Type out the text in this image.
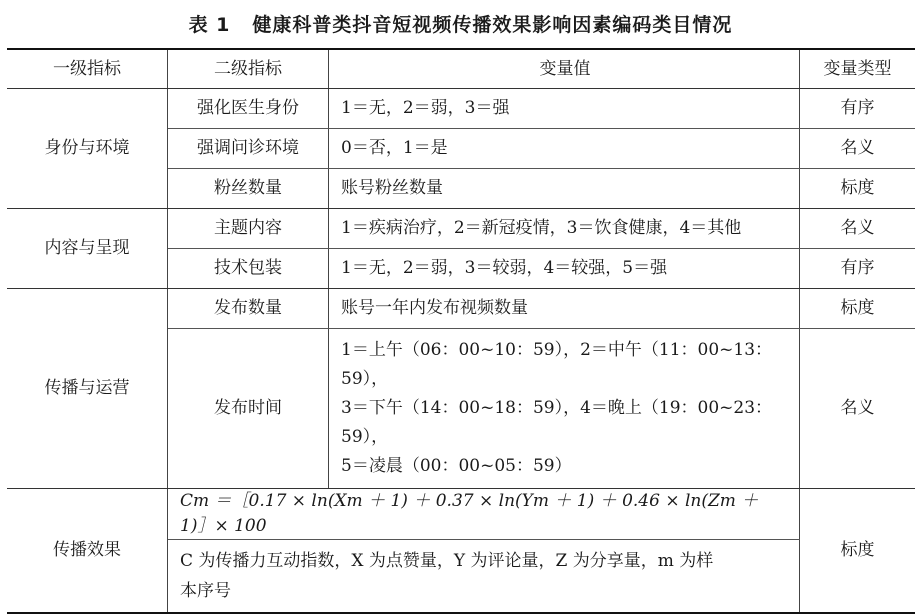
表 1 健康科普类抖音短视频传播效果影响因素编码类目情况
一级指标	二级指标	变量值	变量类型
身份与环境	强化医生身份	1＝无，2＝弱，3＝强	有序
	强调问诊环境	0＝否，1＝是	名义
	粉丝数量	账号粉丝数量	标度
内容与呈现	主题内容	1＝疾病治疗，2＝新冠疫情，3＝饮食健康，4＝其他	名义
	技术包装	1＝无，2＝弱，3＝较弱，4＝较强，5＝强	有序
传播与运营	发布数量	账号一年内发布视频数量	标度
	发布时间	1＝上午（06：00~10：59），2＝中午（11：00~13：59），
3＝下午（14：00~18：59），4＝晚上（19：00~23：59），
5＝凌晨（00：00~05：59）	名义
传播效果	Cm ＝［0.17 × ln(Xm ＋ 1) ＋ 0.37 × ln(Ym ＋ 1) ＋ 0.46 × ln(Zm ＋ 1)］× 100		标度

	C 为传播力互动指数，X 为点赞量，Y 为评论量，Z 为分享量，m 为样
本序号		
